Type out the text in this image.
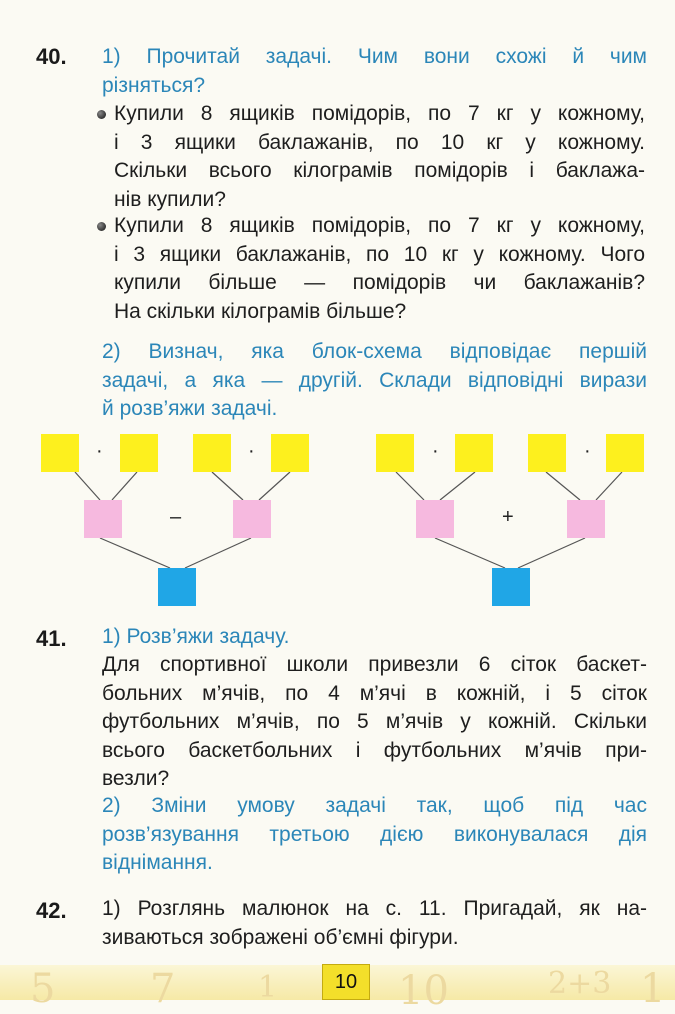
40. 1) Прочитай задачі. Чим вони схожі й чим
різняться?
Купили 8 ящиків помідорів, по 7 кг у кожному,
і 3 ящики баклажанів, по 10 кг у кожному.
Скільки всього кілограмів помідорів і баклажа-
нів купили?
Купили 8 ящиків помідорів, по 7 кг у кожному,
і 3 ящики баклажанів, по 10 кг у кожному. Чого
купили більше — помідорів чи баклажанів?
На скільки кілограмів більше?
2) Визнач, яка блок-схема відповідає першій
задачі, а яка — другій. Склади відповідні вирази
й розв’яжи задачі.
·	·
–
·	·
+
41. 1) Розв’яжи задачу.
Для спортивної школи привезли 6 сіток баскет-
больних м’ячів, по 4 м’ячі в кожній, і 5 сіток
футбольних м’ячів, по 5 м’ячів у кожній. Скільки
всього баскетбольних і футбольних м’ячів при-
везли?
2) Зміни умову задачі так, щоб під час
розв’язування третьою дією виконувалася дія
віднімання.
42. 1) Розглянь малюнок на с. 11. Пригадай, як на-
зиваються зображені об’ємні фігури.
5 7	1	10	2+3 1
10
